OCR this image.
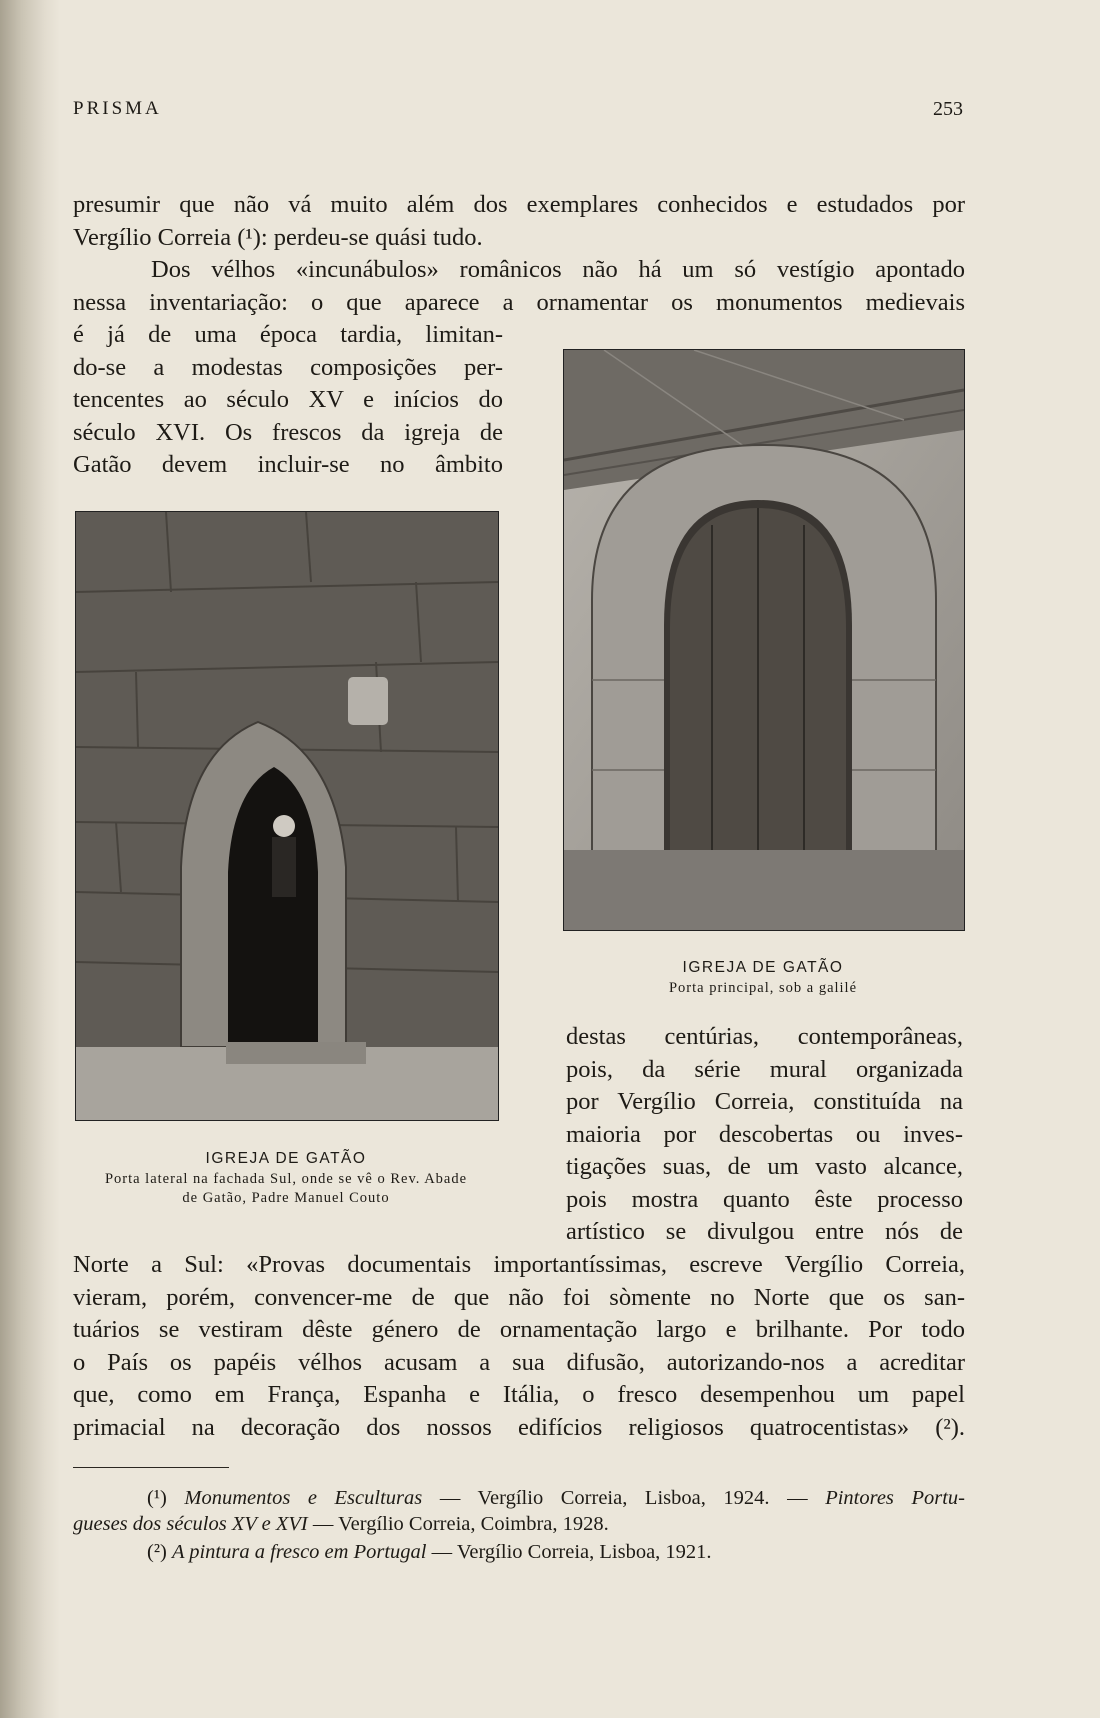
PRISMA	253

presumir que não vá muito além dos exemplares conhecidos e estudados por

Vergílio Correia (¹): perdeu-se quási tudo.

Dos vélhos «incunábulos» românicos não há um só vestígio apontado

nessa inventariação: o que aparece a ornamentar os monumentos medievais

é já de uma época tardia, limitan-

do-se a modestas composições per-

tencentes ao século XV e inícios do

século XVI. Os frescos da igreja de

Gatão devem incluir-se no âmbito

IGREJA DE GATÃO
Porta principal, sob a galilé
IGREJA DE GATÃO
Porta lateral na fachada Sul, onde se vê o Rev. Abade
de Gatão, Padre Manuel Couto

destas centúrias, contemporâneas,

pois, da série mural organizada

por Vergílio Correia, constituída na

maioria por descobertas ou inves-

tigações suas, de um vasto alcance,

pois mostra quanto êste processo

artístico se divulgou entre nós de

Norte a Sul: «Provas documentais importantíssimas, escreve Vergílio Correia,

vieram, porém, convencer-me de que não foi sòmente no Norte que os san-

tuários se vestiram dêste género de ornamentação largo e brilhante. Por todo

o País os papéis vélhos acusam a sua difusão, autorizando-nos a acreditar

que, como em França, Espanha e Itália, o fresco desempenhou um papel

primacial na decoração dos nossos edifícios religiosos quatrocentistas» (²).

(¹) Monumentos e Esculturas — Vergílio Correia, Lisboa, 1924. — Pintores Portu-
gueses dos séculos XV e XVI — Vergílio Correia, Coimbra, 1928.
(²) A pintura a fresco em Portugal — Vergílio Correia, Lisboa, 1921.
